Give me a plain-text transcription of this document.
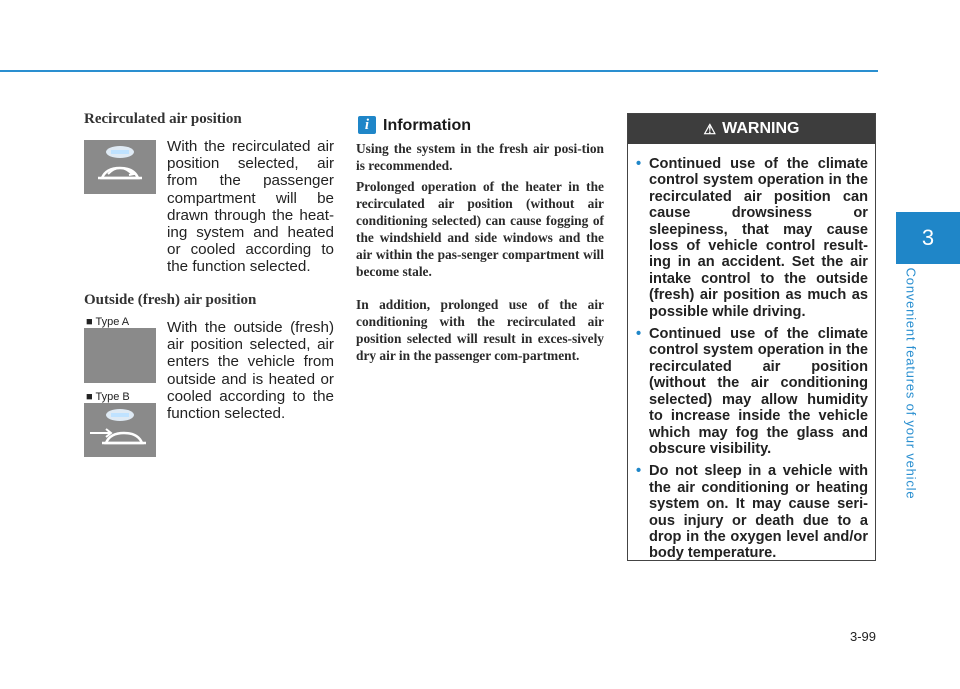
3
Convenient features of your vehicle
Recirculated air position
With the recirculated air position selected, air from the passenger compartment will be drawn through the heat-ing system and heated or cooled according to the function selected.
Outside (fresh) air position
■ Type A
■ Type B
With the outside (fresh) air position selected, air enters the vehicle from outside and is heated or cooled according to the function selected.
i Information

Using the system in the fresh air posi-tion is recommended.

Prolonged operation of the heater in the recirculated air position (without air conditioning selected) can cause fogging of the windshield and side windows and the air within the pas-senger compartment will become stale.

In addition, prolonged use of the air conditioning with the recirculated air position selected will result in exces-sively dry air in the passenger com-partment.

⚠ WARNING
• Continued use of the climate control system operation in the recirculated air position can cause drowsiness or sleepiness, that may cause loss of vehicle control result-ing in an accident. Set the air intake control to the outside (fresh) air position as much as possible while driving.
• Continued use of the climate control system operation in the recirculated air position (without the air conditioning selected) may allow humidity to increase inside the vehicle which may fog the glass and obscure visibility.
• Do not sleep in a vehicle with the air conditioning or heating system on. It may cause seri-ous injury or death due to a drop in the oxygen level and/or body temperature.
3-99
